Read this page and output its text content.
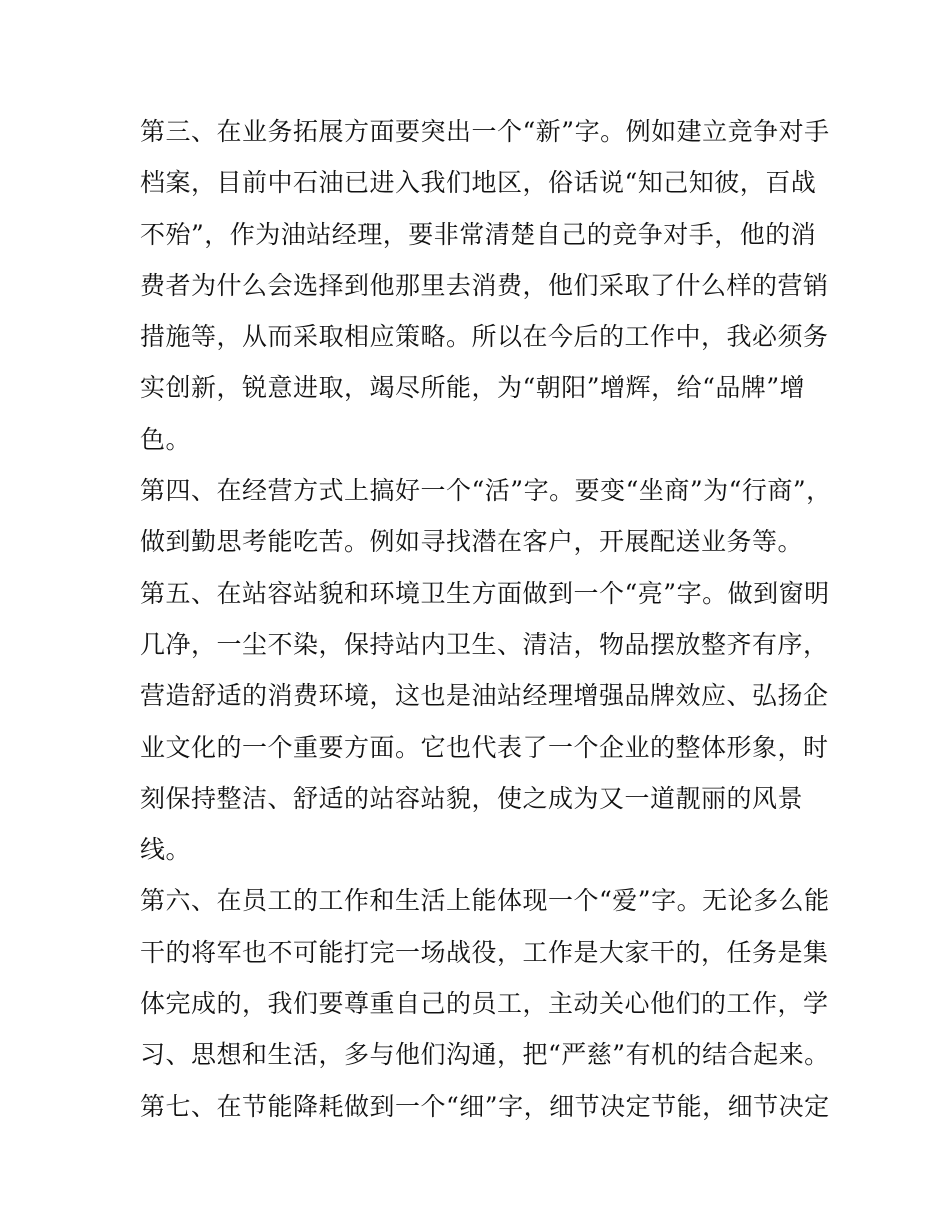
第三、在业务拓展方面要突出一个“新”字。例如建立竞争对手
档案，目前中石油已进入我们地区，俗话说“知己知彼，百战
不殆”，作为油站经理，要非常清楚自己的竞争对手，他的消
费者为什么会选择到他那里去消费，他们采取了什么样的营销
措施等，从而采取相应策略。所以在今后的工作中，我必须务
实创新，锐意进取，竭尽所能，为“朝阳”增辉，给“品牌”增
色。
第四、在经营方式上搞好一个“活”字。要变“坐商”为“行商”，
做到勤思考能吃苦。例如寻找潜在客户，开展配送业务等。
第五、在站容站貌和环境卫生方面做到一个“亮”字。做到窗明
几净，一尘不染，保持站内卫生、清洁，物品摆放整齐有序，
营造舒适的消费环境，这也是油站经理增强品牌效应、弘扬企
业文化的一个重要方面。它也代表了一个企业的整体形象，时
刻保持整洁、舒适的站容站貌，使之成为又一道靓丽的风景
线。
第六、在员工的工作和生活上能体现一个“爱”字。无论多么能
干的将军也不可能打完一场战役，工作是大家干的，任务是集
体完成的，我们要尊重自己的员工，主动关心他们的工作，学
习、思想和生活，多与他们沟通，把“严慈”有机的结合起来。
第七、在节能降耗做到一个“细”字，细节决定节能，细节决定
